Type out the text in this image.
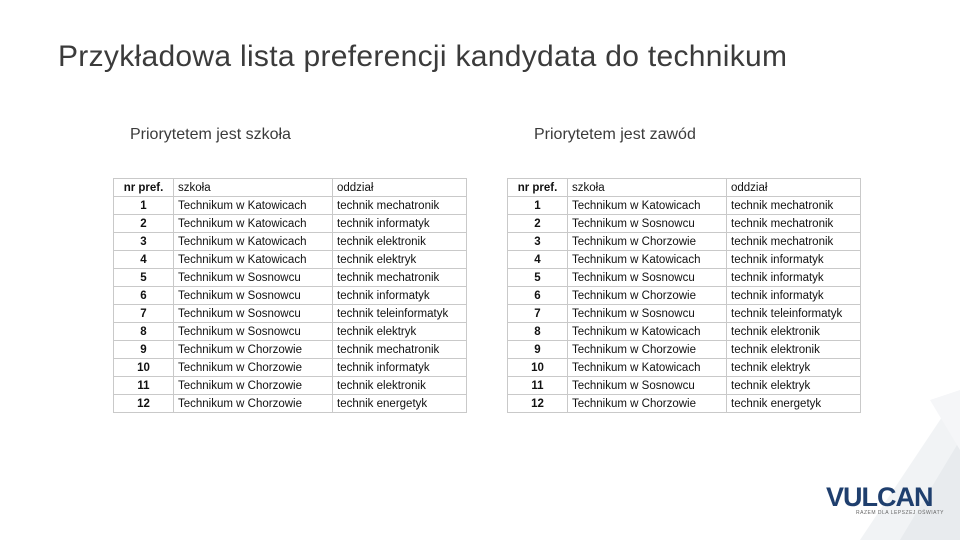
Przykładowa lista preferencji kandydata do technikum
Priorytetem jest szkoła	Priorytetem jest zawód
nr pref.	szkoła	oddział
1	Technikum w Katowicach	technik mechatronik
2	Technikum w Katowicach	technik informatyk
3	Technikum w Katowicach	technik elektronik
4	Technikum w Katowicach	technik elektryk
5	Technikum w Sosnowcu	technik mechatronik
6	Technikum w Sosnowcu	technik informatyk
7	Technikum w Sosnowcu	technik teleinformatyk
8	Technikum w Sosnowcu	technik elektryk
9	Technikum w Chorzowie	technik mechatronik
10	Technikum w Chorzowie	technik informatyk
11	Technikum w Chorzowie	technik elektronik
12	Technikum w Chorzowie	technik energetyk
nr pref.	szkoła	oddział
1	Technikum w Katowicach	technik mechatronik
2	Technikum w Sosnowcu	technik mechatronik
3	Technikum w Chorzowie	technik mechatronik
4	Technikum w Katowicach	technik informatyk
5	Technikum w Sosnowcu	technik informatyk
6	Technikum w Chorzowie	technik informatyk
7	Technikum w Sosnowcu	technik teleinformatyk
8	Technikum w Katowicach	technik elektronik
9	Technikum w Chorzowie	technik elektronik
10	Technikum w Katowicach	technik elektryk
11	Technikum w Sosnowcu	technik elektryk
12	Technikum w Chorzowie	technik energetyk
VULCAN
RAZEM DLA LEPSZEJ OŚWIATY
